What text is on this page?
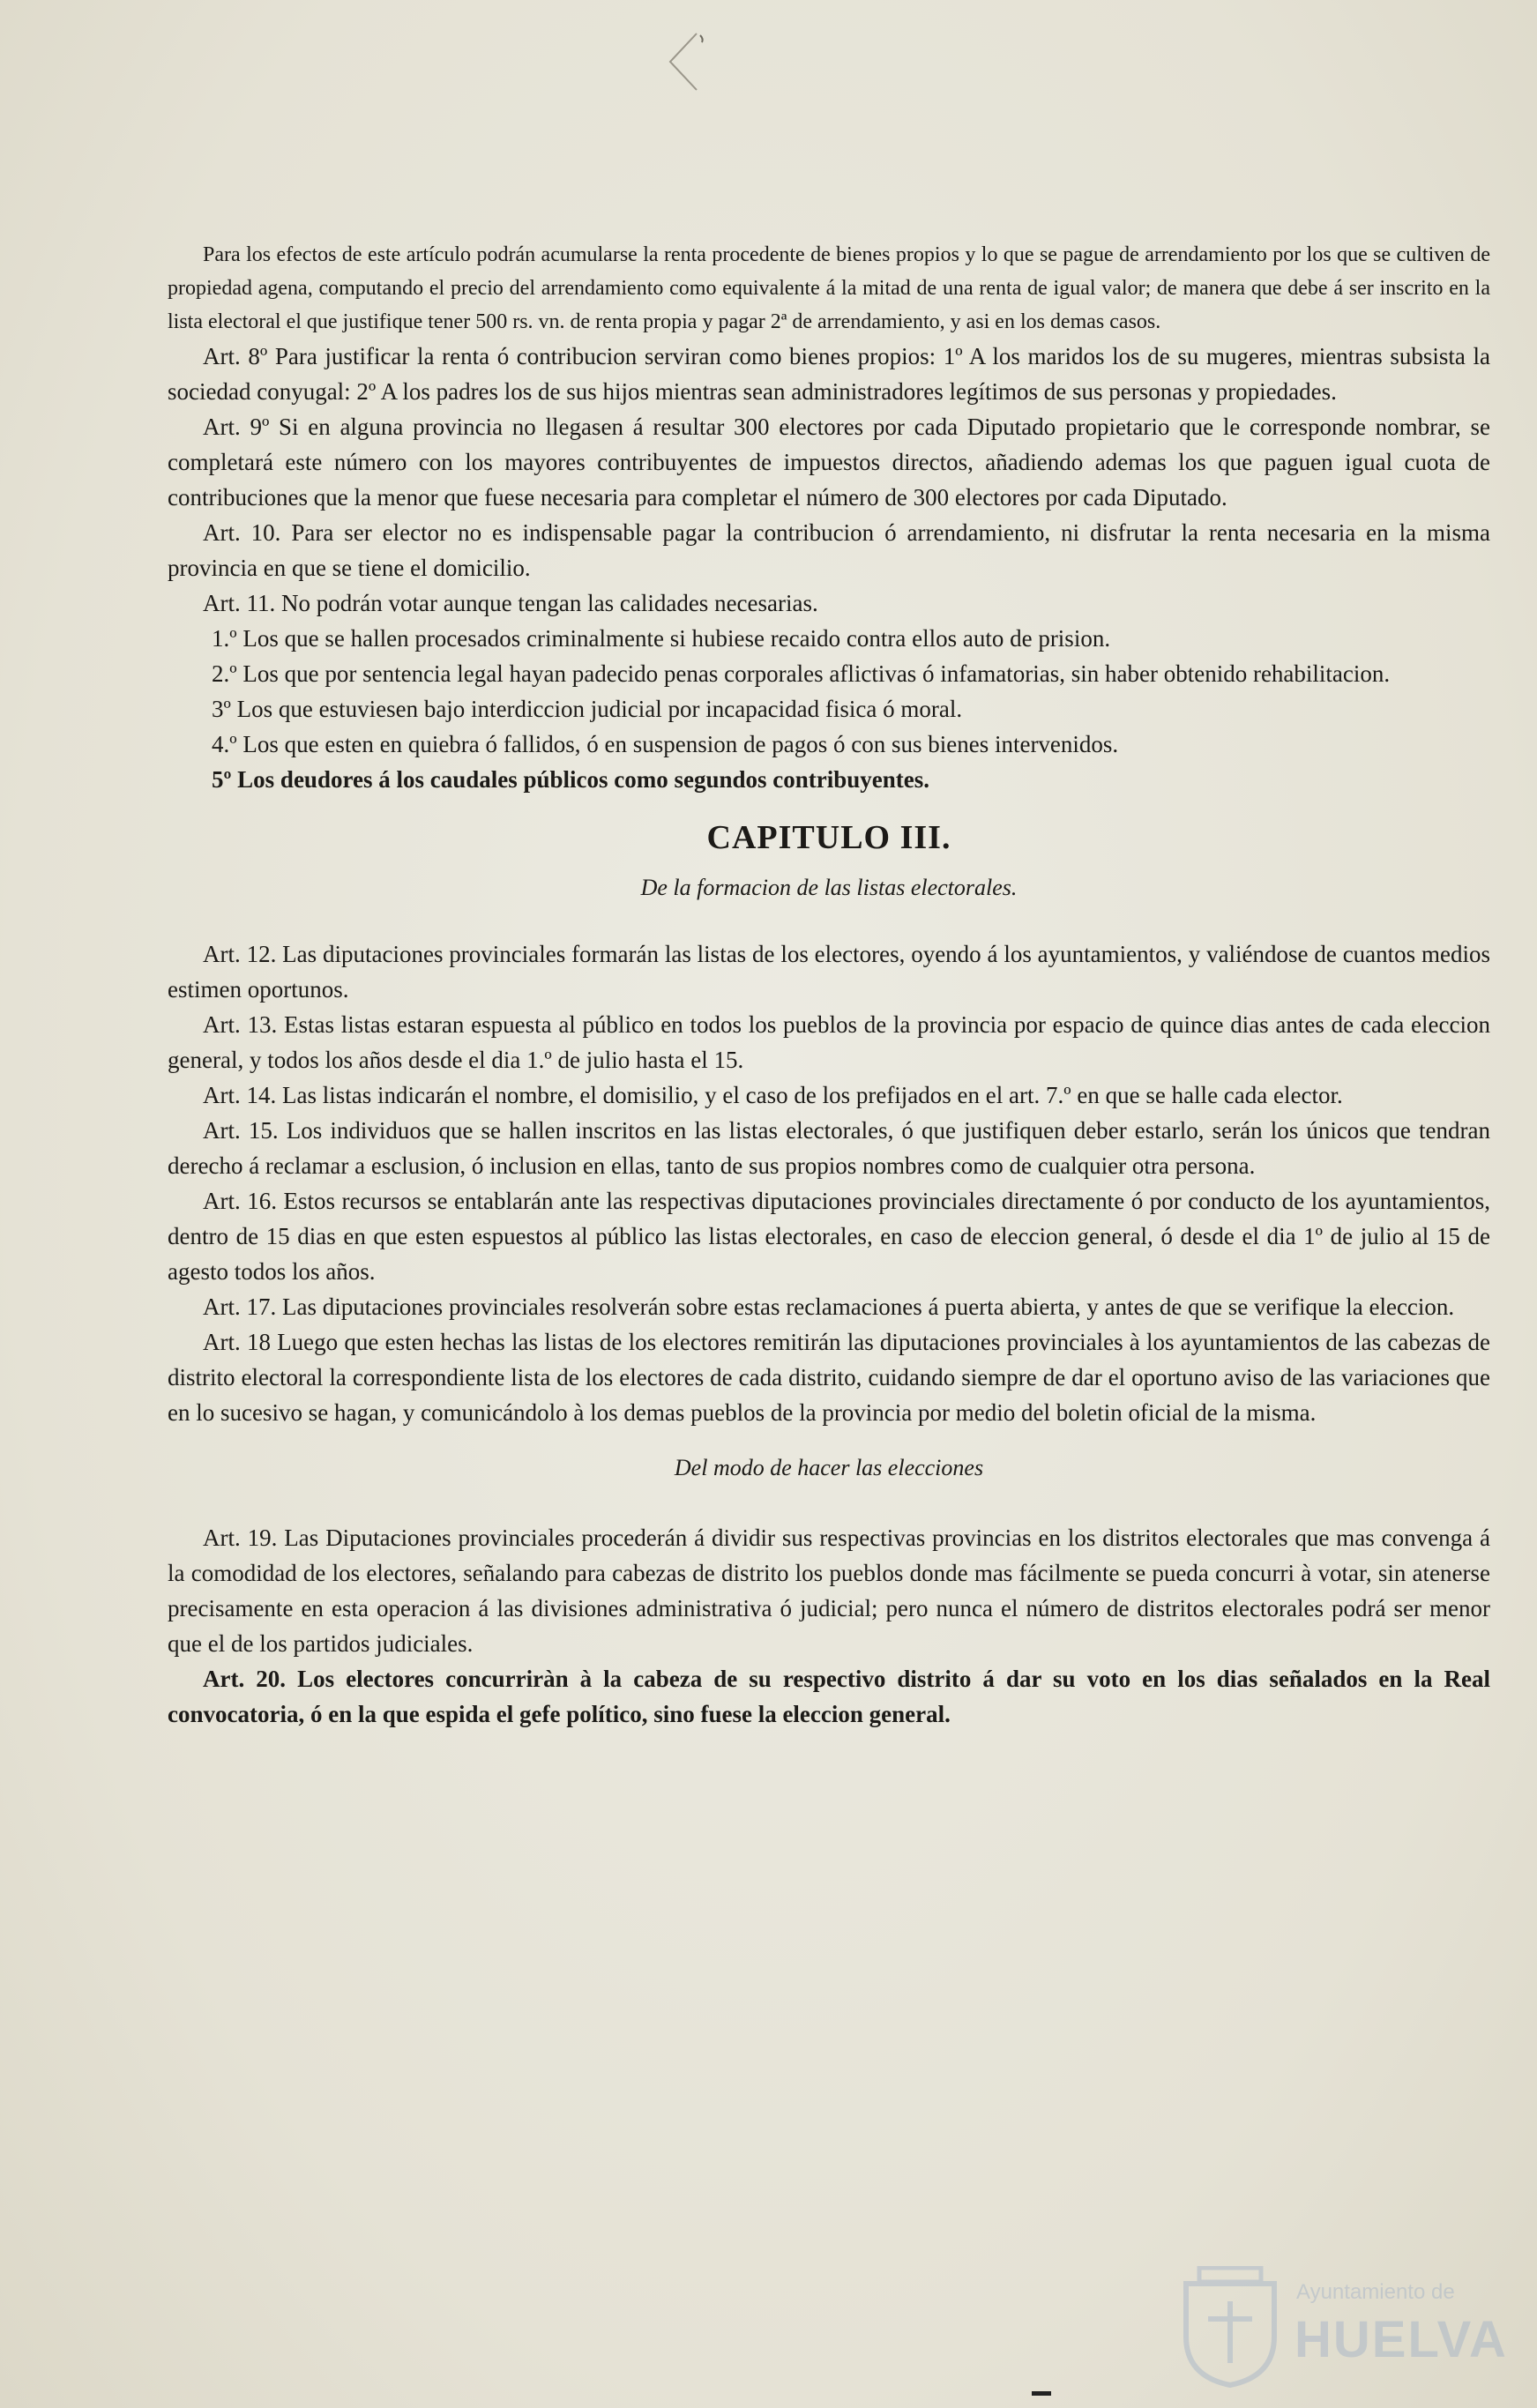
Para los efectos de este artículo podrán acumularse la renta procedente de bienes propios y lo que se pague de arrendamiento por los que se cultiven de propiedad agena, computando el precio del arrendamiento como equivalente á la mitad de una renta de igual valor; de manera que debe á ser inscrito en la lista electoral el que justifique tener 500 rs. vn. de renta propia y pagar 2ª de arrendamiento, y asi en los demas casos.

Art. 8º Para justificar la renta ó contribucion serviran como bienes propios: 1º A los maridos los de su mugeres, mientras subsista la sociedad conyugal: 2º A los padres los de sus hijos mientras sean administradores legítimos de sus personas y propiedades.

Art. 9º Si en alguna provincia no llegasen á resultar 300 electores por cada Diputado propietario que le corresponde nombrar, se completará este número con los mayores contribuyentes de impuestos directos, añadiendo ademas los que paguen igual cuota de contribuciones que la menor que fuese necesaria para completar el número de 300 electores por cada Diputado.

Art. 10. Para ser elector no es indispensable pagar la contribucion ó arrendamiento, ni disfrutar la renta necesaria en la misma provincia en que se tiene el domicilio.

Art. 11. No podrán votar aunque tengan las calidades necesarias.

1.º Los que se hallen procesados criminalmente si hubiese recaido contra ellos auto de prision.

2.º Los que por sentencia legal hayan padecido penas corporales aflictivas ó infamatorias, sin haber obtenido rehabilitacion.

3º Los que estuviesen bajo interdiccion judicial por incapacidad fisica ó moral.

4.º Los que esten en quiebra ó fallidos, ó en suspension de pagos ó con sus bienes intervenidos.

5º Los deudores á los caudales públicos como segundos contribuyentes.

CAPITULO III.
De la formacion de las listas electorales.

Art. 12. Las diputaciones provinciales formarán las listas de los electores, oyendo á los ayuntamientos, y valiéndose de cuantos medios estimen oportunos.

Art. 13. Estas listas estaran espuesta al público en todos los pueblos de la provincia por espacio de quince dias antes de cada eleccion general, y todos los años desde el dia 1.º de julio hasta el 15.

Art. 14. Las listas indicarán el nombre, el domisilio, y el caso de los prefijados en el art. 7.º en que se halle cada elector.

Art. 15. Los individuos que se hallen inscritos en las listas electorales, ó que justifiquen deber estarlo, serán los únicos que tendran derecho á reclamar a esclusion, ó inclusion en ellas, tanto de sus propios nombres como de cualquier otra persona.

Art. 16. Estos recursos se entablarán ante las respectivas diputaciones provinciales directamente ó por conducto de los ayuntamientos, dentro de 15 dias en que esten espuestos al público las listas electorales, en caso de eleccion general, ó desde el dia 1º de julio al 15 de agesto todos los años.

Art. 17. Las diputaciones provinciales resolverán sobre estas reclamaciones á puerta abierta, y antes de que se verifique la eleccion.

Art. 18 Luego que esten hechas las listas de los electores remitirán las diputaciones provinciales à los ayuntamientos de las cabezas de distrito electoral la correspondiente lista de los electores de cada distrito, cuidando siempre de dar el oportuno aviso de las variaciones que en lo sucesivo se hagan, y comunicándolo à los demas pueblos de la provincia por medio del boletin oficial de la misma.

Del modo de hacer las elecciones

Art. 19. Las Diputaciones provinciales procederán á dividir sus respectivas provincias en los distritos electorales que mas convenga á la comodidad de los electores, señalando para cabezas de distrito los pueblos donde mas fácilmente se pueda concurri à votar, sin atenerse precisamente en esta operacion á las divisiones administrativa ó judicial; pero nunca el número de distritos electorales podrá ser menor que el de los partidos judiciales.

Art. 20. Los electores concurriràn à la cabeza de su respectivo distrito á dar su voto en los dias señalados en la Real convocatoria, ó en la que espida el gefe político, sino fuese la eleccion general.

Ayuntamiento de
HUELVA
